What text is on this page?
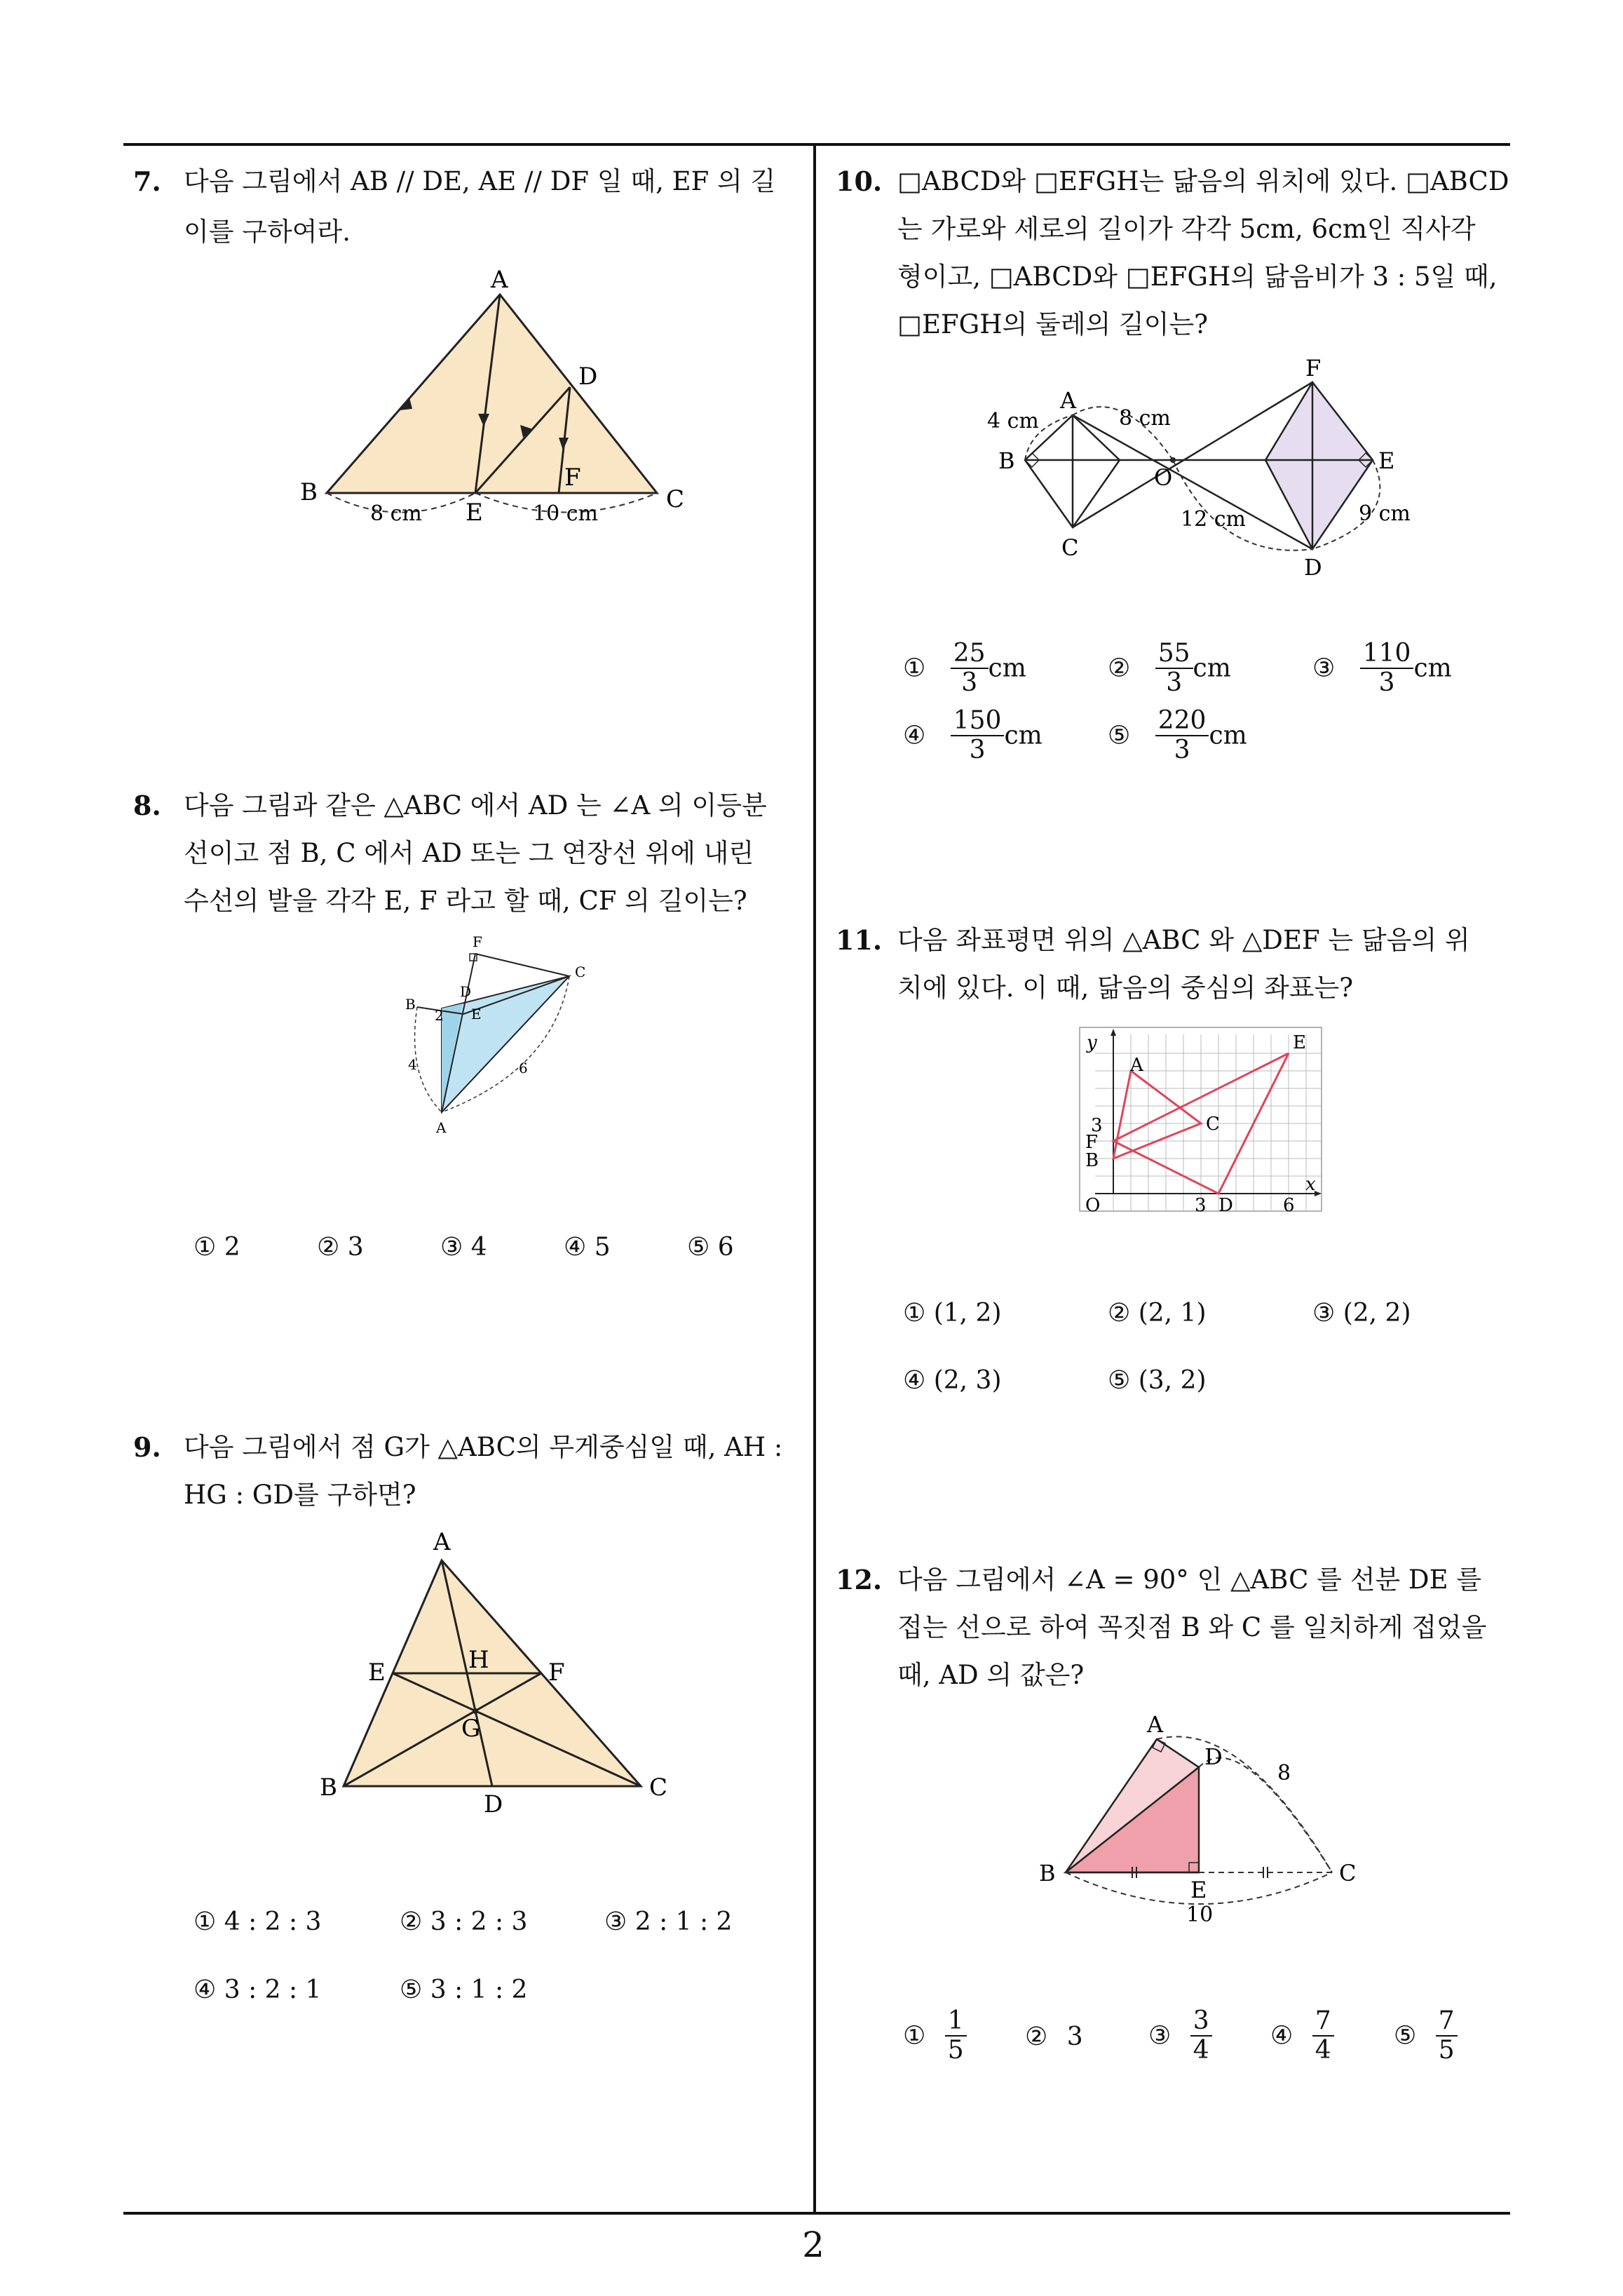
2
7. 다음 그림에서 AB // DE, AE // DF 일 때, EF 의 길
이를 구하여라.
A
B	C
D
E
F
8 cm	10 cm
8. 다음 그림과 같은 △ABC 에서 AD 는 ∠A 의 이등분
선이고 점 B, C 에서 AD 또는 그 연장선 위에 내린
수선의 발을 각각 E, F 라고 할 때, CF 의 길이는?
F
C
D
B
E
2
4	6
A
① 2	② 3	③ 4	④ 5	⑤ 6
9. 다음 그림에서 점 G가 △ABC의 무게중심일 때, AH :
HG : GD를 구하면?
A
E	H F
G
B
D
C
① 4 : 2 : 3	② 3 : 2 : 3	③ 2 : 1 : 2
④ 3 : 2 : 1	⑤ 3 : 1 : 2
10. □ABCD와 □EFGH는 닮음의 위치에 있다. □ABCD
는 가로와 세로의 길이가 각각 5cm, 6cm인 직사각
형이고, □ABCD와 □EFGH의 닮음비가 3 : 5일 때,
□EFGH의 둘레의 길이는?
A
B
C
O
F
E
D
4 cm	8 cm
12 cm	9 cm
① $\frac{25}{3}$ cm	② $\frac{55}{3}$ cm	③ $\frac{110}{3}$ cm
④ $\frac{150}{3}$ cm	⑤ $\frac{220}{3}$ cm
11. 다음 좌표평면 위의 △ABC 와 △DEF 는 닮음의 위
치에 있다. 이 때, 닮음의 중심의 좌표는?
y
x
O
3
3	6
A
F
B
C
D
E
① (1, 2)	② (2, 1)	③ (2, 2)
④ (2, 3)	⑤ (3, 2)
12. 다음 그림에서 ∠A = 90° 인 △ABC 를 선분 DE 를
접는 선으로 하여 꼭짓점 B 와 C 를 일치하게 접었을
때, AD 의 값은?
A
D
B
E
C
8
10
① $\frac{1}{5}$ ② 3	③ $\frac{3}{4}$ ④ $\frac{7}{4}$ ⑤ $\frac{7}{5}$
